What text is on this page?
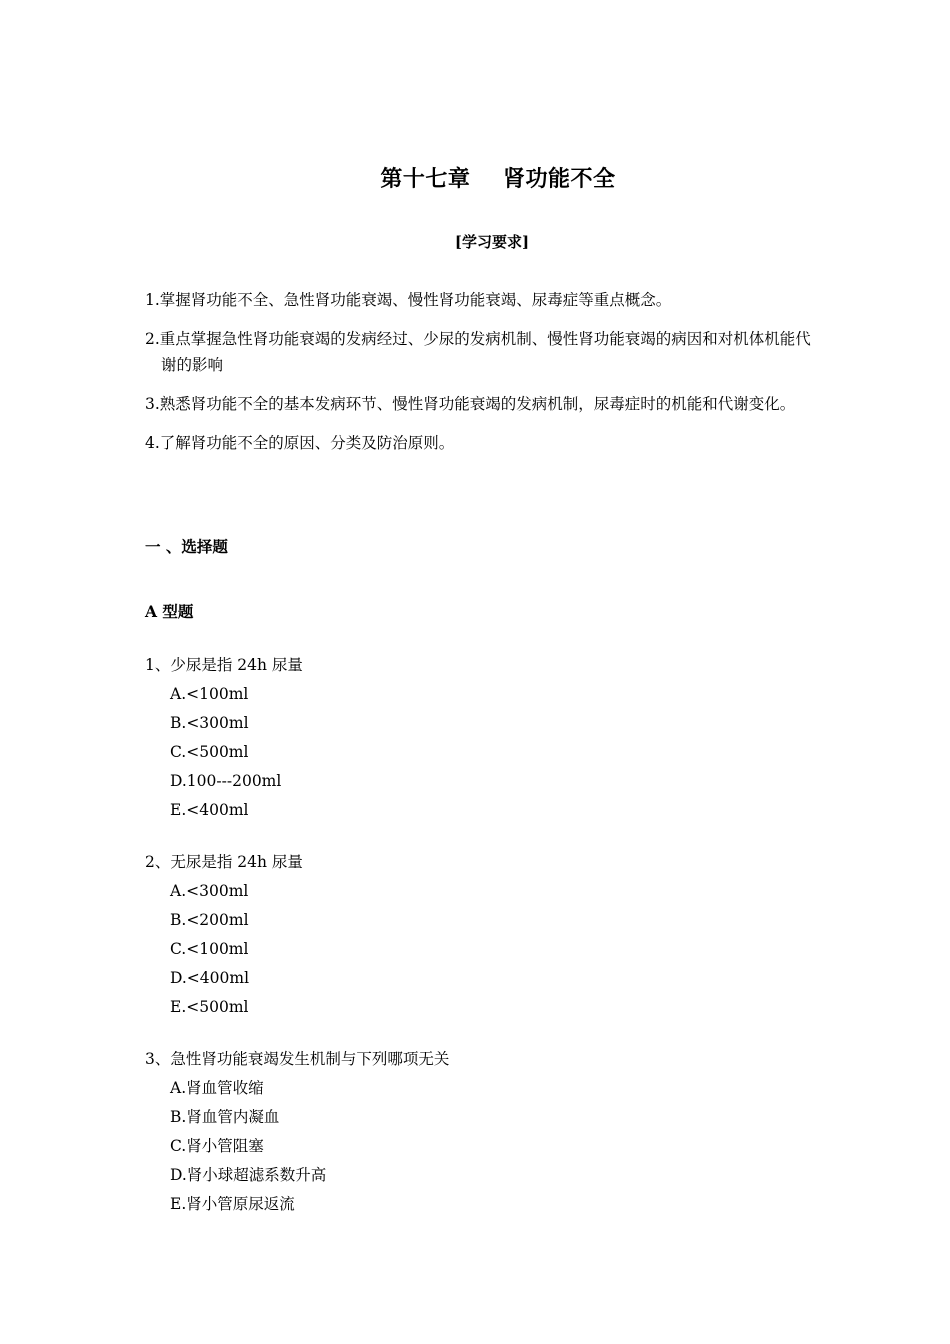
第十七章    肾功能不全
[学习要求]
1.掌握肾功能不全、急性肾功能衰竭、慢性肾功能衰竭、尿毒症等重点概念。
2.重点掌握急性肾功能衰竭的发病经过、少尿的发病机制、慢性肾功能衰竭的病因和对机体机能代谢的影响
3.熟悉肾功能不全的基本发病环节、慢性肾功能衰竭的发病机制，尿毒症时的机能和代谢变化。
4.了解肾功能不全的原因、分类及防治原则。
一 、选择题
A 型题
1、少尿是指 24h 尿量
A.<100ml
B.<300ml
C.<500ml
D.100---200ml
E.<400ml
2、无尿是指 24h 尿量
A.<300ml
B.<200ml
C.<100ml
D.<400ml
E.<500ml
3、急性肾功能衰竭发生机制与下列哪项无关
A.肾血管收缩
B.肾血管内凝血
C.肾小管阻塞
D.肾小球超滤系数升高
E.肾小管原尿返流
